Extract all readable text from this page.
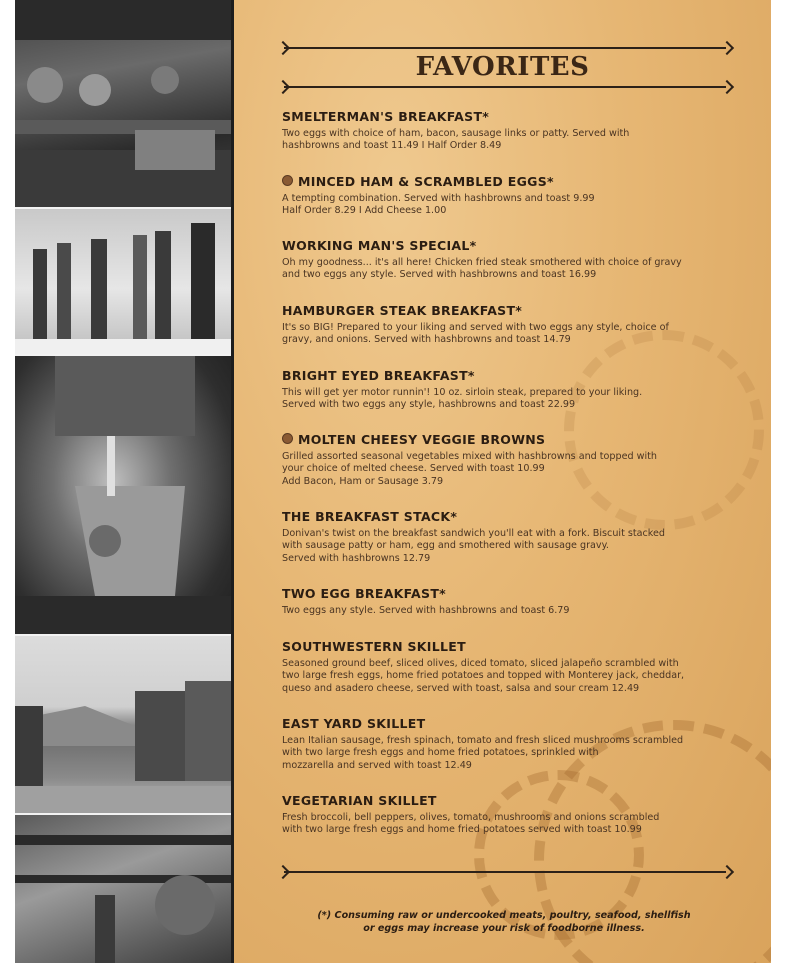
FAVORITES

SMELTERMAN'S BREAKFAST*

Two eggs with choice of ham, bacon, sausage links or patty. Served with
hashbrowns and toast 11.49 I Half Order 8.49

MINCED HAM & SCRAMBLED EGGS*

A tempting combination. Served with hashbrowns and toast 9.99
Half Order 8.29 I Add Cheese 1.00

WORKING MAN'S SPECIAL*

Oh my goodness... it's all here! Chicken fried steak smothered with choice of gravy
and two eggs any style. Served with hashbrowns and toast 16.99

HAMBURGER STEAK BREAKFAST*

It's so BIG! Prepared to your liking and served with two eggs any style, choice of
gravy, and onions. Served with hashbrowns and toast 14.79

BRIGHT EYED BREAKFAST*

This will get yer motor runnin'! 10 oz. sirloin steak, prepared to your liking.
Served with two eggs any style, hashbrowns and toast 22.99

MOLTEN CHEESY VEGGIE BROWNS

Grilled assorted seasonal vegetables mixed with hashbrowns and topped with
your choice of melted cheese. Served with toast 10.99
Add Bacon, Ham or Sausage 3.79

THE BREAKFAST STACK*

Donivan's twist on the breakfast sandwich you'll eat with a fork. Biscuit stacked
with sausage patty or ham, egg and smothered with sausage gravy.
Served with hashbrowns 12.79

TWO EGG BREAKFAST*

Two eggs any style. Served with hashbrowns and toast 6.79

SOUTHWESTERN SKILLET

Seasoned ground beef, sliced olives, diced tomato, sliced jalapeño scrambled with
two large fresh eggs, home fried potatoes and topped with Monterey jack, cheddar,
queso and asadero cheese, served with toast, salsa and sour cream 12.49

EAST YARD SKILLET

Lean Italian sausage, fresh spinach, tomato and fresh sliced mushrooms scrambled
with two large fresh eggs and home fried potatoes, sprinkled with
mozzarella and served with toast 12.49

VEGETARIAN SKILLET

Fresh broccoli, bell peppers, olives, tomato, mushrooms and onions scrambled
with two large fresh eggs and home fried potatoes served with toast 10.99

(*) Consuming raw or undercooked meats, poultry, seafood, shellfish
or eggs may increase your risk of foodborne illness.
